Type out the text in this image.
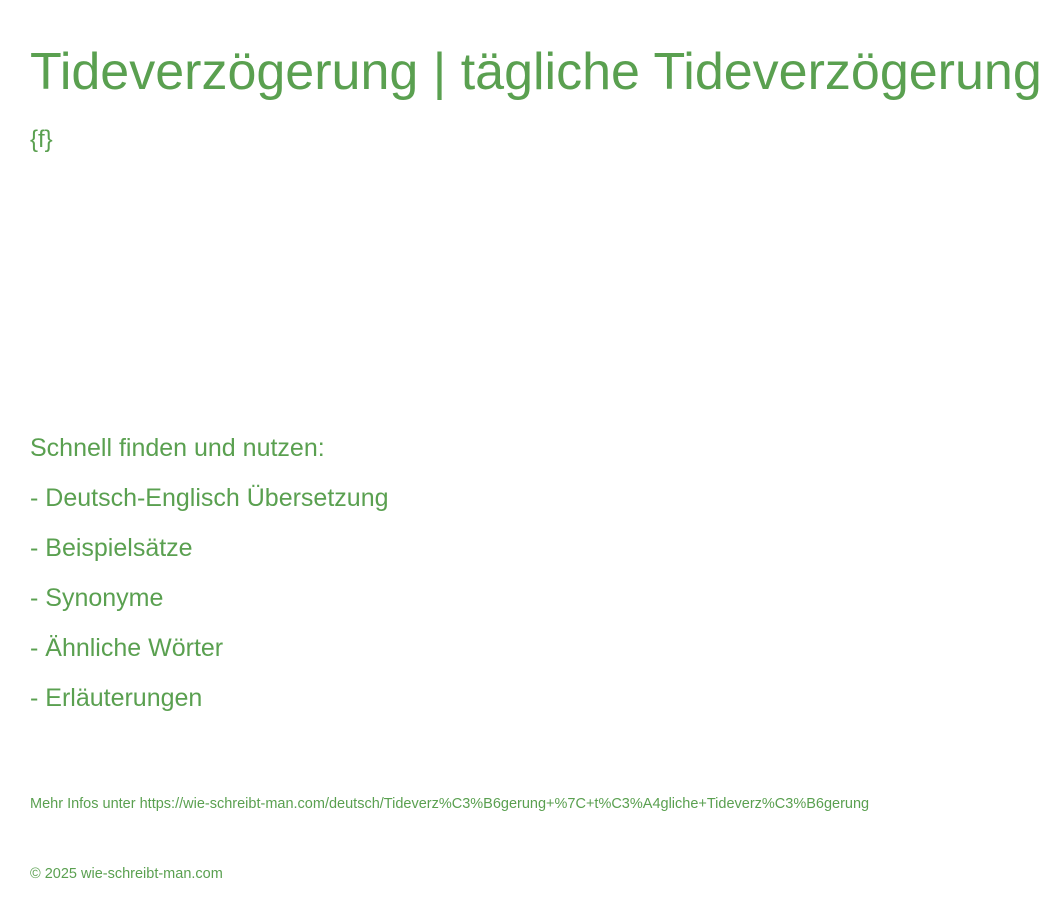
Tideverzögerung | tägliche Tideverzögerung
{f}
Schnell finden und nutzen:
- Deutsch-Englisch Übersetzung
- Beispielsätze
- Synonyme
- Ähnliche Wörter
- Erläuterungen
Mehr Infos unter https://wie-schreibt-man.com/deutsch/Tideverz%C3%B6gerung+%7C+t%C3%A4gliche+Tideverz%C3%B6gerung
© 2025 wie-schreibt-man.com
